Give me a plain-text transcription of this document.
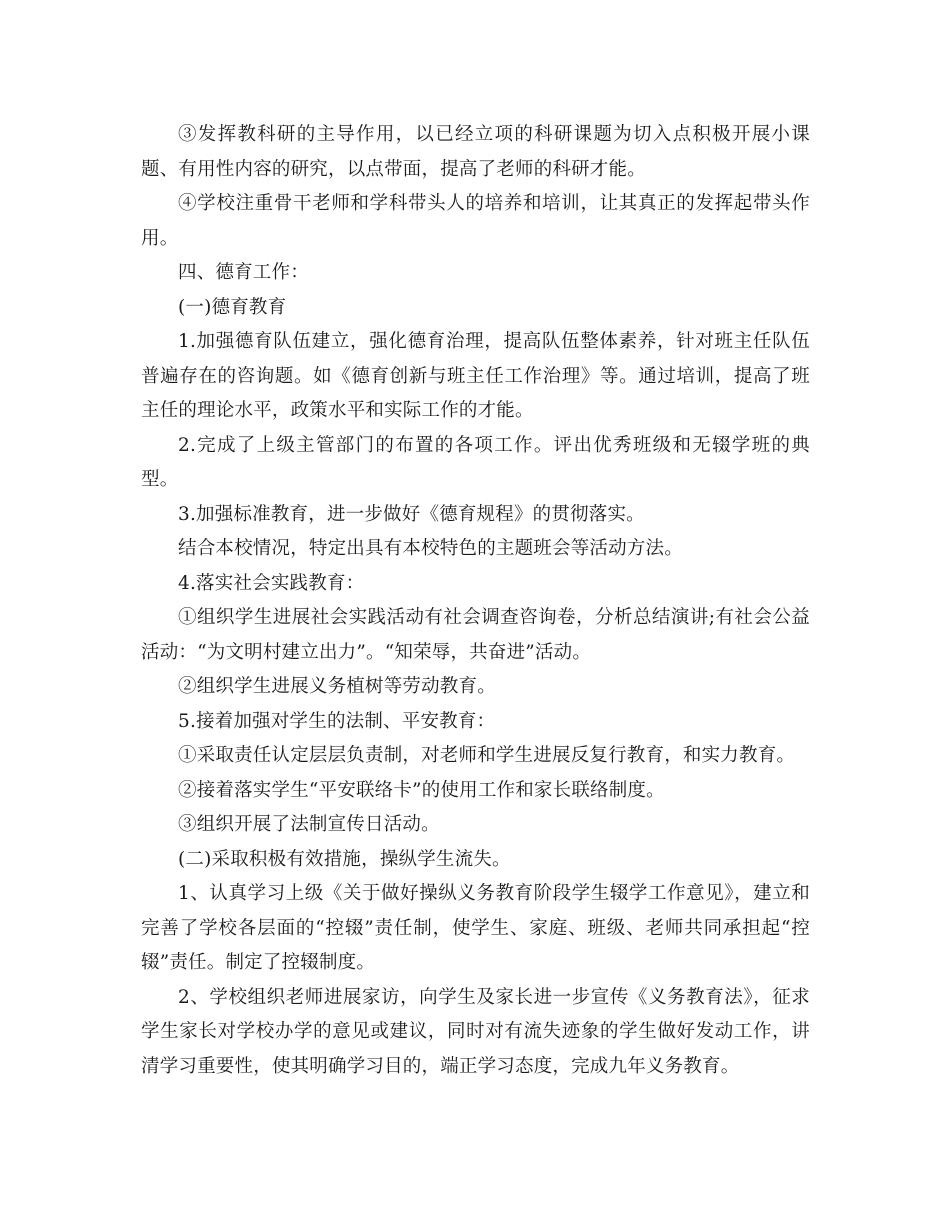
③发挥教科研的主导作用，以已经立项的科研课题为切入点积极开展小课题、有用性内容的研究，以点带面，提高了老师的科研才能。

④学校注重骨干老师和学科带头人的培养和培训，让其真正的发挥起带头作用。

四、德育工作：

(一)德育教育

1.加强德育队伍建立，强化德育治理，提高队伍整体素养，针对班主任队伍普遍存在的咨询题。如《德育创新与班主任工作治理》等。通过培训，提高了班主任的理论水平，政策水平和实际工作的才能。

2.完成了上级主管部门的布置的各项工作。评出优秀班级和无辍学班的典型。

3.加强标准教育，进一步做好《德育规程》的贯彻落实。

结合本校情况，特定出具有本校特色的主题班会等活动方法。

4.落实社会实践教育：

①组织学生进展社会实践活动有社会调查咨询卷，分析总结演讲;有社会公益活动：“为文明村建立出力”。“知荣辱，共奋进”活动。

②组织学生进展义务植树等劳动教育。

5.接着加强对学生的法制、平安教育：

①采取责任认定层层负责制，对老师和学生进展反复行教育，和实力教育。

②接着落实学生“平安联络卡”的使用工作和家长联络制度。

③组织开展了法制宣传日活动。

(二)采取积极有效措施，操纵学生流失。

1、认真学习上级《关于做好操纵义务教育阶段学生辍学工作意见》，建立和完善了学校各层面的“控辍”责任制，使学生、家庭、班级、老师共同承担起“控辍”责任。制定了控辍制度。

2、学校组织老师进展家访，向学生及家长进一步宣传《义务教育法》，征求学生家长对学校办学的意见或建议，同时对有流失迹象的学生做好发动工作，讲清学习重要性，使其明确学习目的，端正学习态度，完成九年义务教育。
